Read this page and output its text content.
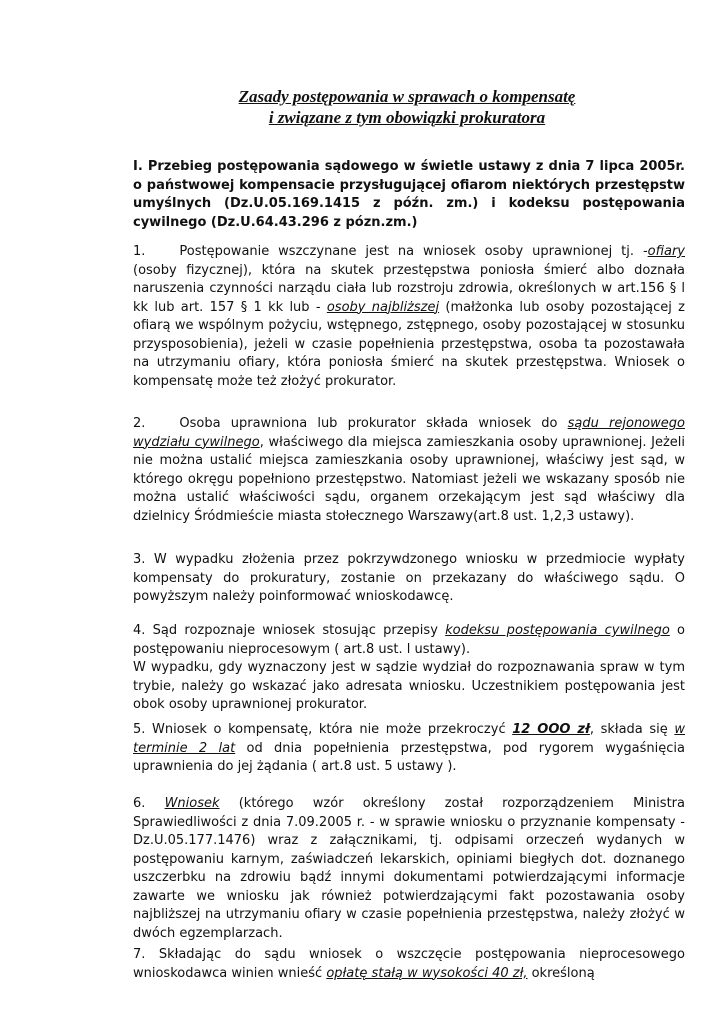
Zasady postępowania w sprawach o kompensatę
i związane z tym obowiązki prokuratora
I. Przebieg postępowania sądowego w świetle ustawy z dnia 7 lipca 2005r. o państwowej kompensacie przysługującej ofiarom niektórych przestępstw umyślnych (Dz.U.05.169.1415 z późn. zm.) i kodeksu postępowania cywilnego (Dz.U.64.43.296 z pózn.zm.)
1.	Postępowanie wszczynane jest na wniosek osoby uprawnionej tj. -ofiary (osoby fizycznej), która na skutek przestępstwa poniosła śmierć albo doznała naruszenia czynności narządu ciała lub rozstroju zdrowia, określonych w art.156 § l kk lub art. 157 § 1 kk lub - osoby najbliższej (małżonka lub osoby pozostającej z ofiarą we wspólnym pożyciu, wstępnego, zstępnego, osoby pozostającej w stosunku przysposobienia), jeżeli w czasie popełnienia przestępstwa, osoba ta pozostawała na utrzymaniu ofiary, która poniosła śmierć na skutek przestępstwa. Wniosek o kompensatę może też złożyć prokurator.
2.	Osoba uprawniona lub prokurator składa wniosek do sądu rejonowego wydziału cywilnego, właściwego dla miejsca zamieszkania osoby uprawnionej. Jeżeli nie można ustalić miejsca zamieszkania osoby uprawnionej, właściwy jest sąd, w którego okręgu popełniono przestępstwo. Natomiast jeżeli we wskazany sposób nie można ustalić właściwości sądu, organem orzekającym jest sąd właściwy dla dzielnicy Śródmieście miasta stołecznego Warszawy(art.8 ust. 1,2,3 ustawy).
3. W wypadku złożenia przez pokrzywdzonego wniosku w przedmiocie wypłaty kompensaty do prokuratury, zostanie on przekazany do właściwego sądu. O powyższym należy poinformować wnioskodawcę.
4. Sąd rozpoznaje wniosek stosując przepisy kodeksu postępowania cywilnego o postępowaniu nieprocesowym ( art.8 ust. l ustawy).
W wypadku, gdy wyznaczony jest w sądzie wydział do rozpoznawania spraw w tym trybie, należy go wskazać jako adresata wniosku. Uczestnikiem postępowania jest obok osoby uprawnionej prokurator.
5. Wniosek o kompensatę, która nie może przekroczyć 12 OOO zł, składa się w terminie 2 lat od dnia popełnienia przestępstwa, pod rygorem wygaśnięcia uprawnienia do jej żądania ( art.8 ust. 5 ustawy ).
6. Wniosek (którego wzór określony został rozporządzeniem Ministra Sprawiedliwości z dnia 7.09.2005 r. - w sprawie wniosku o przyznanie kompensaty - Dz.U.05.177.1476) wraz z załącznikami, tj. odpisami orzeczeń wydanych w postępowaniu karnym, zaświadczeń lekarskich, opiniami biegłych dot. doznanego uszczerbku na zdrowiu bądź innymi dokumentami potwierdzającymi informacje zawarte we wniosku jak również potwierdzającymi fakt pozostawania osoby najbliższej na utrzymaniu ofiary w czasie popełnienia przestępstwa, należy złożyć w dwóch egzemplarzach.
7. Składając do sądu wniosek o wszczęcie postępowania nieprocesowego wnioskodawca winien wnieść opłatę stałą w wysokości 40 zł, określoną
